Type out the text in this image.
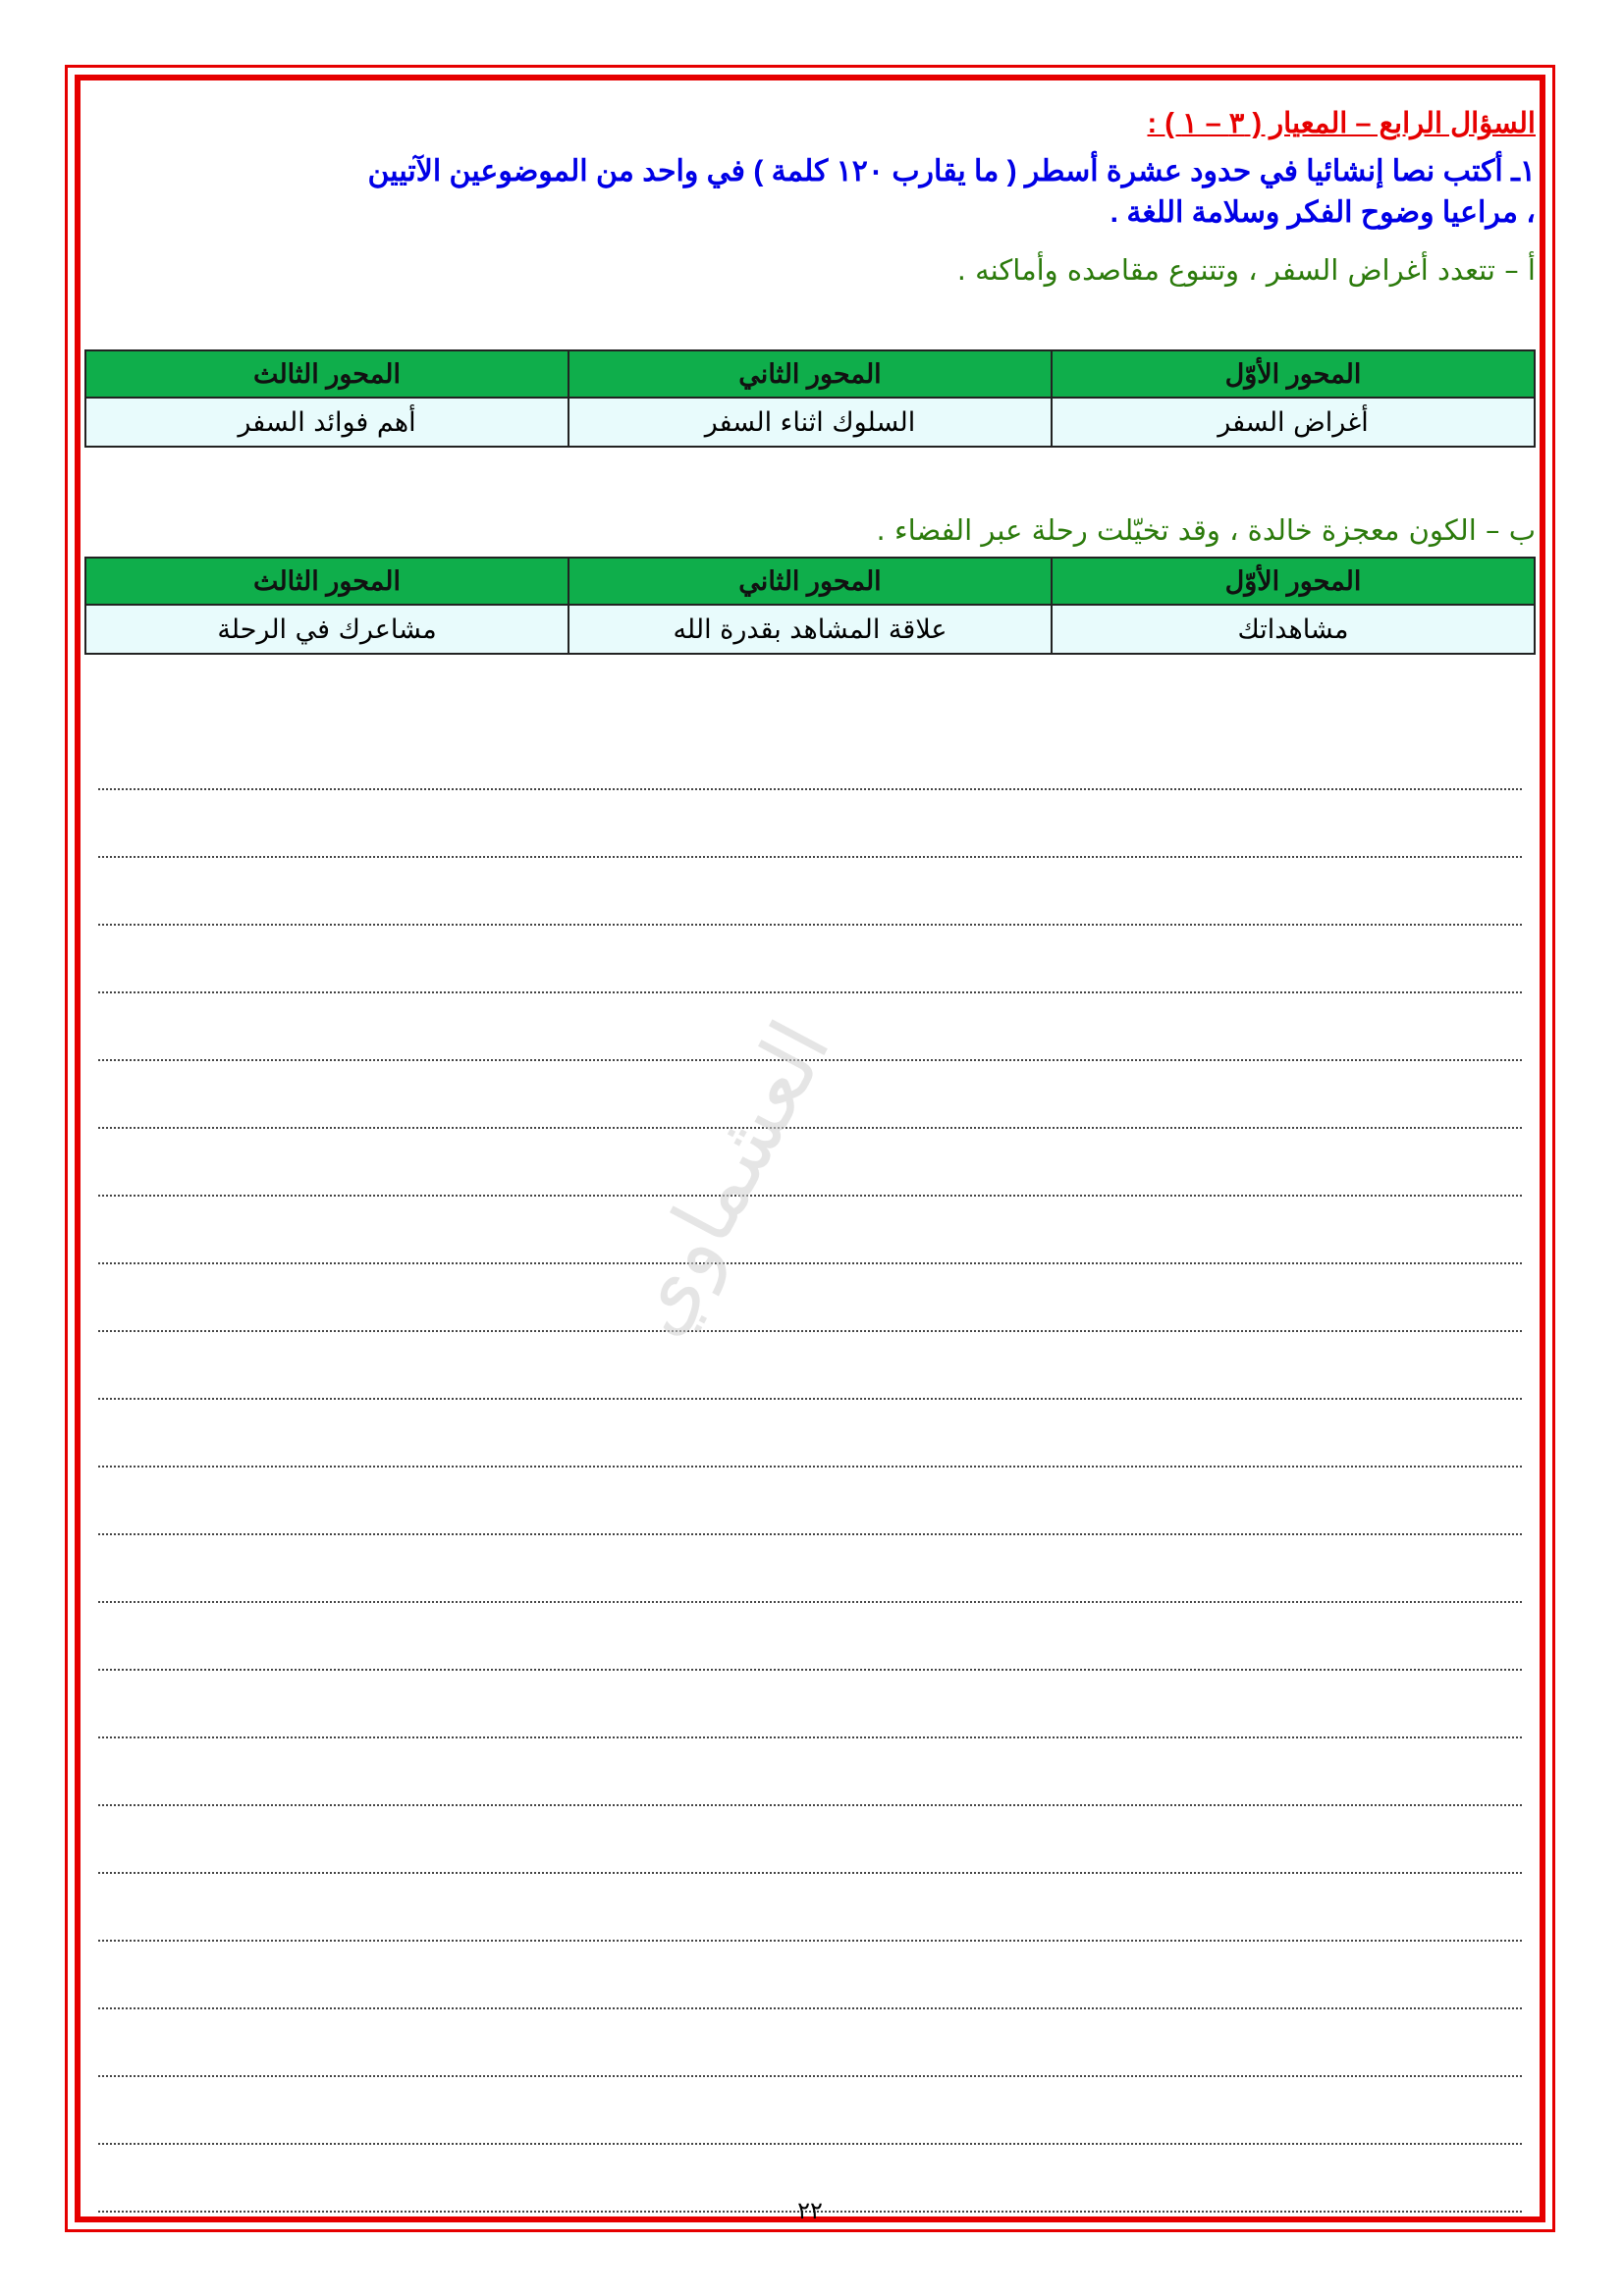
السؤال الرابع – المعيار ( ٣ – ١ ) :
١ـ أكتب نصا إنشائيا في حدود عشرة أسطر ( ما يقارب ١٢٠ كلمة ) في واحد من الموضوعين الآتيين
، مراعيا وضوح الفكر وسلامة اللغة .
أ – تتعدد أغراض السفر ، وتتنوع مقاصده وأماكنه .
المحور الأوّل	المحور الثاني	المحور الثالث
أغراض السفر	السلوك اثناء السفر	أهم فوائد السفر
ب – الكون معجزة خالدة ، وقد تخيّلت رحلة عبر الفضاء .
المحور الأوّل	المحور الثاني	المحور الثالث
مشاهداتك	علاقة المشاهد بقدرة الله	مشاعرك في الرحلة
٢٢
العشماوي
